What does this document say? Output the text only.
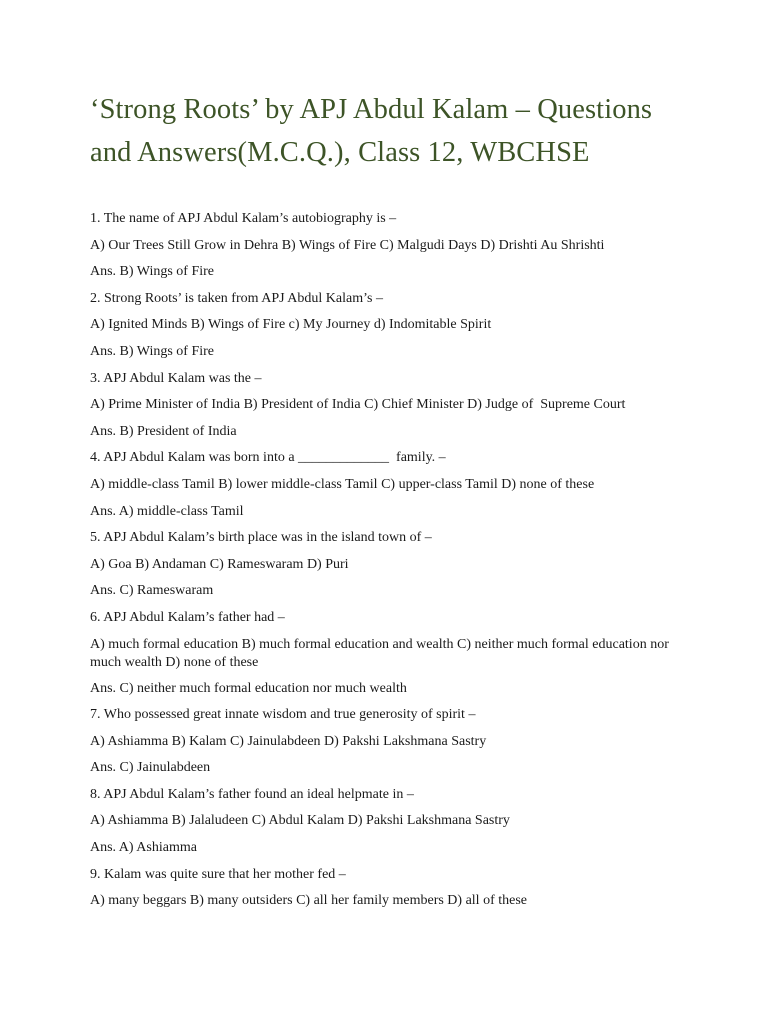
‘Strong Roots’ by APJ Abdul Kalam – Questions and Answers(M.C.Q.), Class 12, WBCHSE

1. The name of APJ Abdul Kalam’s autobiography is –

A) Our Trees Still Grow in Dehra B) Wings of Fire C) Malgudi Days D) Drishti Au Shrishti

Ans. B) Wings of Fire

2. Strong Roots’ is taken from APJ Abdul Kalam’s –

A) Ignited Minds B) Wings of Fire c) My Journey d) Indomitable Spirit

Ans. B) Wings of Fire

3. APJ Abdul Kalam was the –

A) Prime Minister of India B) President of India C) Chief Minister D) Judge of  Supreme Court

Ans. B) President of India

4. APJ Abdul Kalam was born into a _____________  family. –

A) middle-class Tamil B) lower middle-class Tamil C) upper-class Tamil D) none of these

Ans. A) middle-class Tamil

5. APJ Abdul Kalam’s birth place was in the island town of –

A) Goa B) Andaman C) Rameswaram D) Puri

Ans. C) Rameswaram

6. APJ Abdul Kalam’s father had –

A) much formal education B) much formal education and wealth C) neither much formal education nor much wealth D) none of these

Ans. C) neither much formal education nor much wealth

7. Who possessed great innate wisdom and true generosity of spirit –

A) Ashiamma B) Kalam C) Jainulabdeen D) Pakshi Lakshmana Sastry

Ans. C) Jainulabdeen

8. APJ Abdul Kalam’s father found an ideal helpmate in –

A) Ashiamma B) Jalaludeen C) Abdul Kalam D) Pakshi Lakshmana Sastry

Ans. A) Ashiamma

9. Kalam was quite sure that her mother fed –

A) many beggars B) many outsiders C) all her family members D) all of these
